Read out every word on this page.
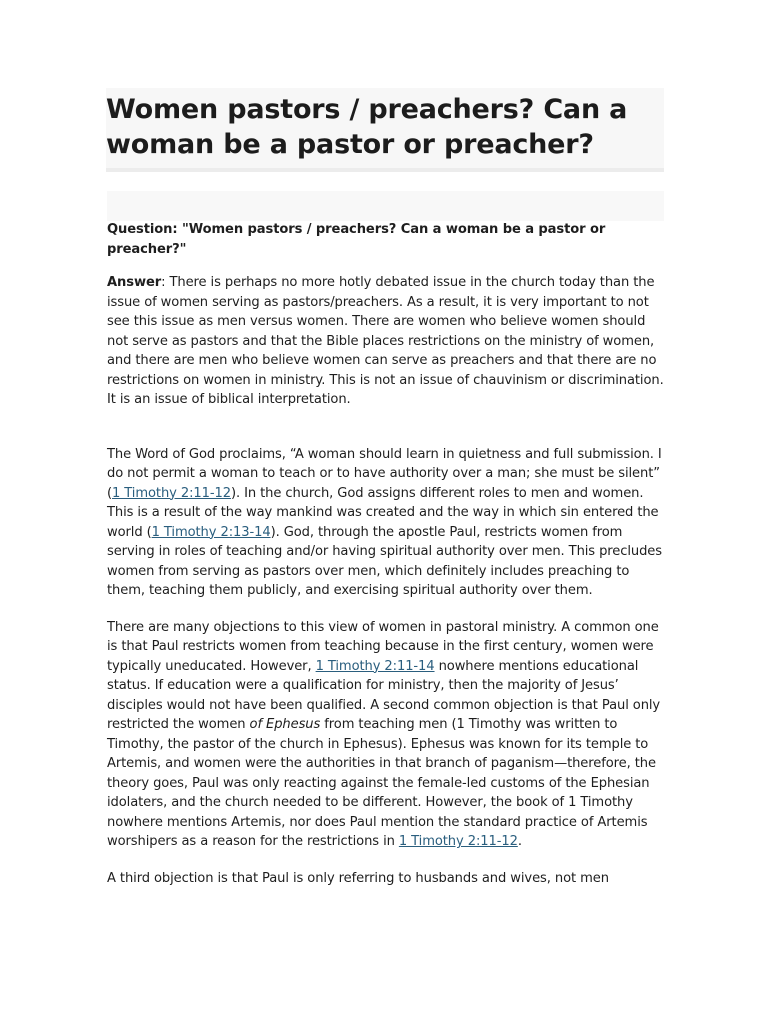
Women pastors / preachers? Can a woman be a pastor or preacher?

Question: "Women pastors / preachers? Can a woman be a pastor or preacher?"

Answer: There is perhaps no more hotly debated issue in the church today than the issue of women serving as pastors/preachers. As a result, it is very important to not see this issue as men versus women. There are women who believe women should not serve as pastors and that the Bible places restrictions on the ministry of women, and there are men who believe women can serve as preachers and that there are no restrictions on women in ministry. This is not an issue of chauvinism or discrimination. It is an issue of biblical interpretation.

The Word of God proclaims, “A woman should learn in quietness and full submission. I do not permit a woman to teach or to have authority over a man; she must be silent” (1 Timothy 2:11-12). In the church, God assigns different roles to men and women. This is a result of the way mankind was created and the way in which sin entered the world (1 Timothy 2:13-14). God, through the apostle Paul, restricts women from serving in roles of teaching and/or having spiritual authority over men. This precludes women from serving as pastors over men, which definitely includes preaching to them, teaching them publicly, and exercising spiritual authority over them.

There are many objections to this view of women in pastoral ministry. A common one is that Paul restricts women from teaching because in the first century, women were typically uneducated. However, 1 Timothy 2:11-14 nowhere mentions educational status. If education were a qualification for ministry, then the majority of Jesus’ disciples would not have been qualified. A second common objection is that Paul only restricted the women of Ephesus from teaching men (1 Timothy was written to Timothy, the pastor of the church in Ephesus). Ephesus was known for its temple to Artemis, and women were the authorities in that branch of paganism—therefore, the theory goes, Paul was only reacting against the female-led customs of the Ephesian idolaters, and the church needed to be different. However, the book of 1 Timothy nowhere mentions Artemis, nor does Paul mention the standard practice of Artemis worshipers as a reason for the restrictions in 1 Timothy 2:11-12.

A third objection is that Paul is only referring to husbands and wives, not men
